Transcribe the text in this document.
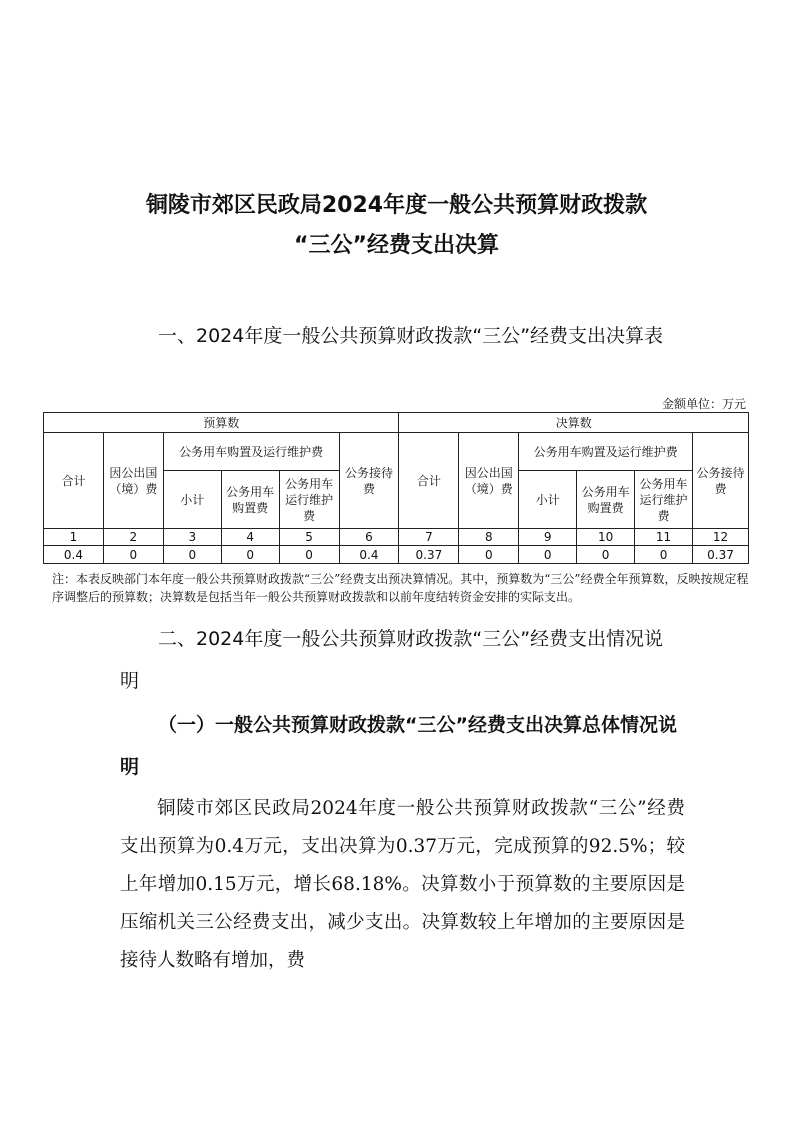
铜陵市郊区民政局2024年度一般公共预算财政拨款
“三公”经费支出决算
一、2024年度一般公共预算财政拨款“三公”经费支出决算表
金额单位：万元
预算数						决算数					
合计	因公出国（境）费	公务用车购置及运行维护费			公务接待费	合计	因公出国（境）费	公务用车购置及运行维护费			公务接待费
		小计	公务用车购置费	公务用车运行维护费				小计	公务用车购置费	公务用车运行维护费	
1	2	3	4	5	6	7	8	9	10	11	12
0.4	0	0	0	0	0.4	0.37	0	0	0	0	0.37
注：本表反映部门本年度一般公共预算财政拨款“三公”经费支出预决算情况。其中，预算数为“三公”经费全年预算数，反映按规定程序调整后的预算数；决算数是包括当年一般公共预算财政拨款和以前年度结转资金安排的实际支出。
二、2024年度一般公共预算财政拨款“三公”经费支出情况说明
（一）一般公共预算财政拨款“三公”经费支出决算总体情况说明
铜陵市郊区民政局2024年度一般公共预算财政拨款“三公”经费支出预算为0.4万元，支出决算为0.37万元，完成预算的92.5%；较上年增加0.15万元，增长68.18%。决算数小于预算数的主要原因是压缩机关三公经费支出，减少支出。决算数较上年增加的主要原因是接待人数略有增加，费
